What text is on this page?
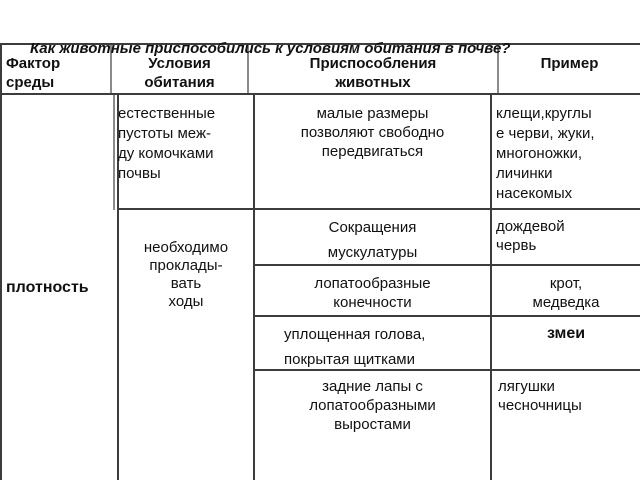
Как животные приспособились к условиям обитания в почве?
Фактор
среды
Условия
обитания
Приспособления
животных
Пример
плотность
естественные
пустоты меж-
ду комочками
почвы
малые размеры
позволяют свободно
передвигаться
клещи,круглы
е черви, жуки,
многоножки,
личинки
насекомых
необходимо
проклады-
вать
ходы
Сокращения
мускулатуры
дождевой
червь
лопатообразные
конечности
крот,
медведка
уплощенная голова,
покрытая щитками
змеи
задние лапы с
лопатообразными
выростами
лягушки
чесночницы
